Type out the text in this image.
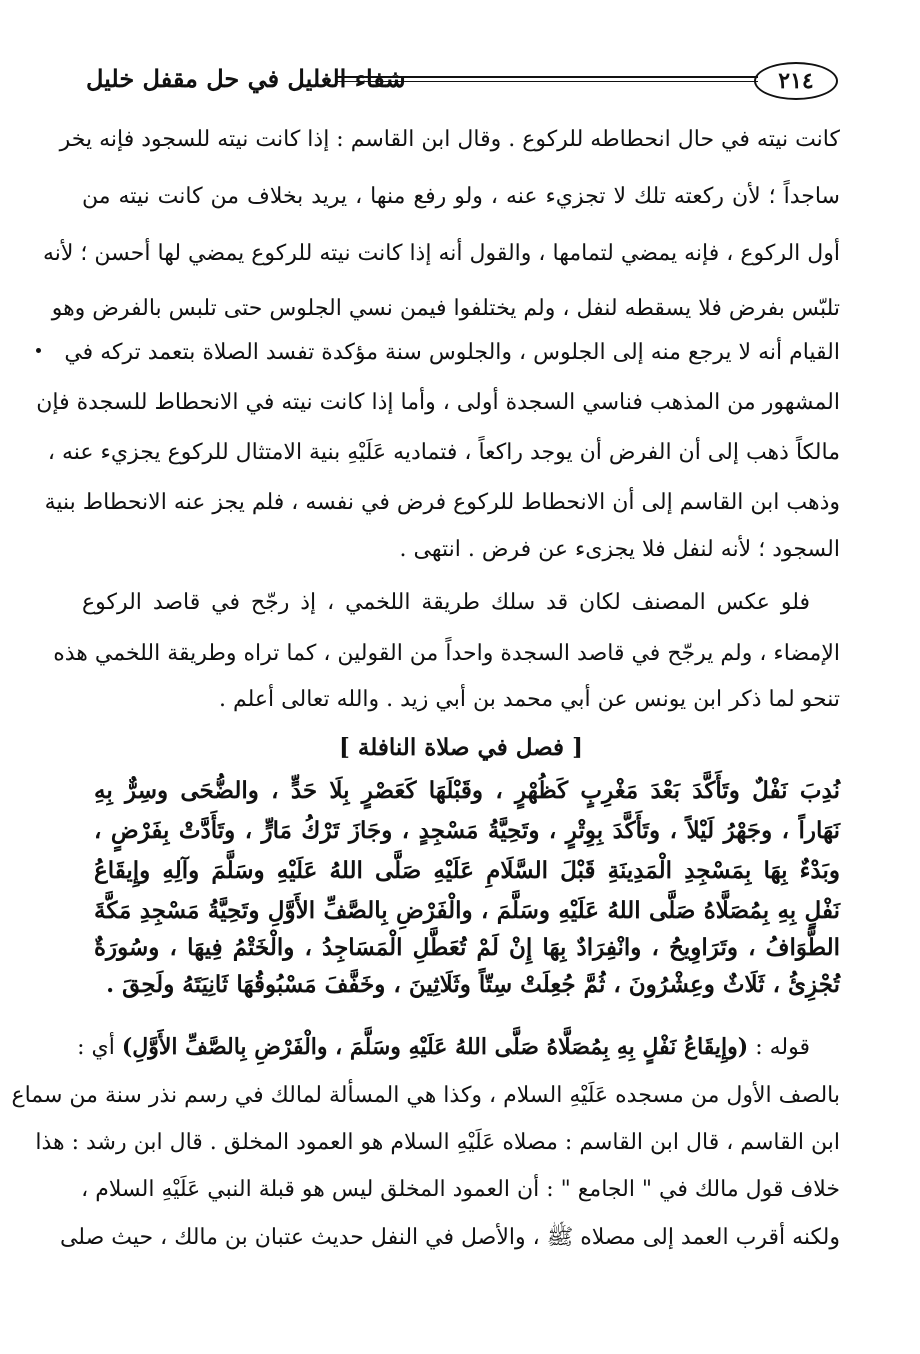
٢١٤
شفاء الغليل في حل مقفل خليل
كانت نيته في حال انحطاطه للركوع . وقال ابن القاسم : إذا كانت نيته للسجود فإنه يخر
ساجداً ؛ لأن ركعته تلك لا تجزيء عنه ، ولو رفع منها ، يريد بخلاف من كانت نيته من
أول الركوع ، فإنه يمضي لتمامها ، والقول أنه إذا كانت نيته للركوع يمضي لها أحسن ؛ لأنه
تلبّس بفرض فلا يسقطه لنفل ، ولم يختلفوا فيمن نسي الجلوس حتى تلبس بالفرض وهو
القيام أنه لا يرجع منه إلى الجلوس ، والجلوس سنة مؤكدة تفسد الصلاة بتعمد تركه في
المشهور من المذهب فناسي السجدة أولى ، وأما إذا كانت نيته في الانحطاط للسجدة فإن
مالكاً ذهب إلى أن الفرض أن يوجد راكعاً ، فتماديه عَلَيْهِ بنية الامتثال للركوع يجزيء عنه ،
وذهب ابن القاسم إلى أن الانحطاط للركوع فرض في نفسه ، فلم يجز عنه الانحطاط بنية
السجود ؛ لأنه لنفل فلا يجزىء عن فرض . انتهى .
فلو عكس المصنف لكان قد سلك طريقة اللخمي ، إذ رجّح في قاصد الركوع
الإمضاء ، ولم يرجّح في قاصد السجدة واحداً من القولين ، كما تراه وطريقة اللخمي هذه
تنحو لما ذكر ابن يونس عن أبي محمد بن أبي زيد . والله تعالى أعلم .
[ فصل في صلاة النافلة ]
نُدِبَ نَفْلٌ وتَأَكَّدَ بَعْدَ مَغْرِبٍ كَظُهْرٍ ، وقَبْلَهَا كَعَصْرٍ بِلَا حَدٍّ ، والضُّحَى وسِرٌّ بِهِ
نَهَاراً ، وجَهْرُ لَيْلاً ، وتَأَكَّدَ بِوِتْرٍ ، وتَحِيَّةُ مَسْجِدٍ ، وجَازَ تَرْكُ مَارٍّ ، وتَأَدَّتْ بِفَرْضٍ ،
وبَدْءٌ بِهَا بِمَسْجِدِ الْمَدِينَةِ قَبْلَ السَّلَامِ عَلَيْهِ صَلَّى اللهُ عَلَيْهِ وسَلَّمَ وآلِهِ وإِيقَاعُ
نَفْلٍ بِهِ بِمُصَلَّاهُ صَلَّى اللهُ عَلَيْهِ وسَلَّمَ ، والْفَرْضِ بِالصَّفِّ الأَوَّلِ وتَحِيَّةُ مَسْجِدِ مَكَّةَ
الطَّوَافُ ، وتَرَاوِيحُ ، وانْفِرَادٌ بِهَا إِنْ لَمْ تُعَطَّلِ الْمَسَاجِدُ ، والْخَتْمُ فِيهَا ، وسُورَةٌ
تُجْزِئُ ، ثَلَاثٌ وعِشْرُونَ ، ثُمَّ جُعِلَتْ سِتّاً وثَلَاثِينَ ، وخَفَّفَ مَسْبُوقُهَا ثَانِيَتَهُ ولَحِقَ .
قوله : (وإِيقَاعُ نَفْلٍ بِهِ بِمُصَلَّاهُ صَلَّى اللهُ عَلَيْهِ وسَلَّمَ ، والْفَرْضِ بِالصَّفِّ الأَوَّلِ) أي :
بالصف الأول من مسجده عَلَيْهِ السلام ، وكذا هي المسألة لمالك في رسم نذر سنة من سماع
ابن القاسم ، قال ابن القاسم : مصلاه عَلَيْهِ السلام هو العمود المخلق . قال ابن رشد : هذا
خلاف قول مالك في " الجامع " : أن العمود المخلق ليس هو قبلة النبي عَلَيْهِ السلام ،
ولكنه أقرب العمد إلى مصلاه ﷺ ، والأصل في النفل حديث عتبان بن مالك ، حيث صلى
